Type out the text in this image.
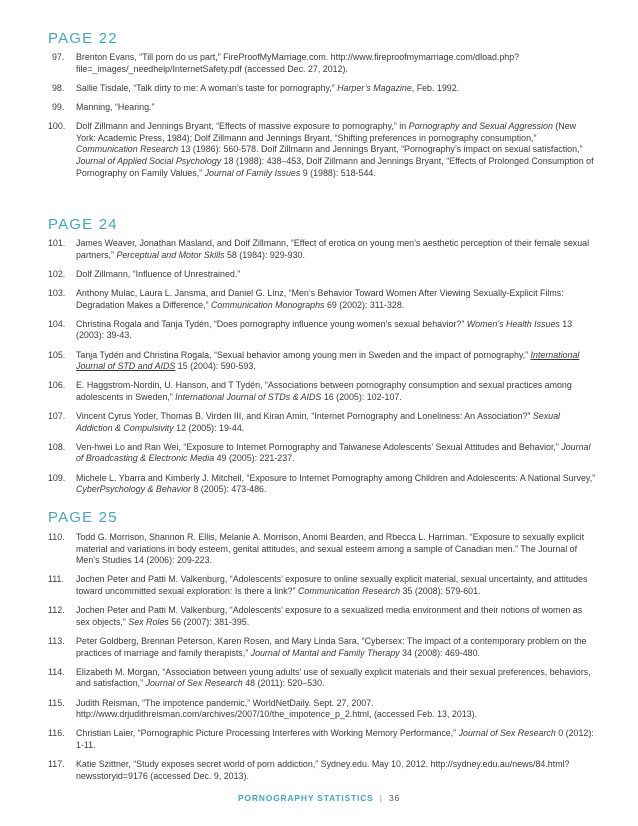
PAGE 22
97. Brenton Evans, “Till porn do us part,” FireProofMyMarriage.com. http://www.fireproofmymarriage.com/dload.php?file=_images/_needhelp/InternetSafety.pdf (accessed Dec. 27, 2012).
98. Sallie Tisdale, “Talk dirty to me: A woman’s taste for pornography,” Harper’s Magazine, Feb. 1992.
99. Manning, “Hearing.”
100. Dolf Zillmann and Jennings Bryant, “Effects of massive exposure to pornography,” in Pornography and Sexual Aggression (New York: Academic Press, 1984); Dolf Zillmann and Jennings Bryant, “Shifting preferences in pornography consumption,” Communication Research 13 (1986): 560-578. Dolf Zillmann and Jennings Bryant, “Pornography’s impact on sexual satisfaction,” Journal of Applied Social Psychology 18 (1988): 438–453, Dolf Zillmann and Jennings Bryant, “Effects of Prolonged Consumption of Pornography on Family Values,” Journal of Family Issues 9 (1988): 518-544.
PAGE 24
101. James Weaver, Jonathan Masland, and Dolf Zillmann, “Effect of erotica on young men’s aesthetic perception of their female sexual partners,” Perceptual and Motor Skills 58 (1984): 929-930.
102. Dolf Zillmann, “Influence of Unrestrained.”
103. Anthony Mulac, Laura L. Jansma, and Daniel G. Linz, “Men’s Behavior Toward Women After Viewing Sexually-Explicit Films: Degradation Makes a Difference,” Communication Monographs 69 (2002): 311-328.
104. Christina Rogala and Tanja Tydén, “Does pornography influence young women’s sexual behavior?” Women’s Health Issues 13 (2003): 39-43.
105. Tanja Tydén and Christina Rogala, “Sexual behavior among young men in Sweden and the impact of pornography,” International Journal of STD and AIDS 15 (2004): 590-593.
106. E. Haggstrom-Nordin, U. Hanson, and T Tydén, “Associations between pornography consumption and sexual practices among adolescents in Sweden,” International Journal of STDs & AIDS 16 (2005): 102-107.
107. Vincent Cyrus Yoder, Thomas B. Virden III, and Kiran Amin, “Internet Pornography and Loneliness: An Association?” Sexual Addiction & Compulsivity 12 (2005): 19-44.
108. Ven-hwei Lo and Ran Wei, “Exposure to Internet Pornography and Taiwanese Adolescents’ Sexual Attitudes and Behavior,” Journal of Broadcasting & Electronic Media 49 (2005): 221-237.
109. Michele L. Ybarra and Kimberly J. Mitchell, “Exposure to Internet Pornography among Children and Adolescents: A National Survey,” CyberPsychology & Behavior 8 (2005): 473-486.
PAGE 25
110. Todd G. Morrison, Shannon R. Ellis, Melanie A. Morrison, Anomi Bearden, and Rbecca L. Harriman. “Exposure to sexually explicit material and variations in body esteem, genital attitudes, and sexual esteem among a sample of Canadian men.” The Journal of Men’s Studies 14 (2006): 209-223.
111. Jochen Peter and Patti M. Valkenburg, “Adolescents’ exposure to online sexually explicit material, sexual uncertainty, and attitudes toward uncommitted sexual exploration: Is there a link?” Communication Research 35 (2008): 579-601.
112. Jochen Peter and Patti M. Valkenburg, “Adolescents’ exposure to a sexualized media environment and their notions of women as sex objects,” Sex Roles 56 (2007): 381-395.
113. Peter Goldberg, Brennan Peterson, Karen Rosen, and Mary Linda Sara, “Cybersex: The impact of a contemporary problem on the practices of marriage and family therapists,” Journal of Marital and Family Therapy 34 (2008): 469-480.
114. Elizabeth M. Morgan, “Association between young adults’ use of sexually explicit materials and their sexual preferences, behaviors, and satisfaction,” Journal of Sex Research 48 (2011): 520–530.
115. Judith Reisman, “The impotence pandemic,” WorldNetDaily. Sept. 27, 2007. http://www.drjudithreisman.com/archives/2007/10/the_impotence_p_2.html, (accessed Feb. 13, 2013).
116. Christian Laier, “Pornographic Picture Processing Interferes with Working Memory Performance,” Journal of Sex Research 0 (2012): 1-11.
117. Katie Szittner, “Study exposes secret world of porn addiction,” Sydney.edu. May 10, 2012. http://sydney.edu.au/news/84.html?newsstoryid=9176 (accessed Dec. 9, 2013).
PORNOGRAPHY STATISTICS | 36
